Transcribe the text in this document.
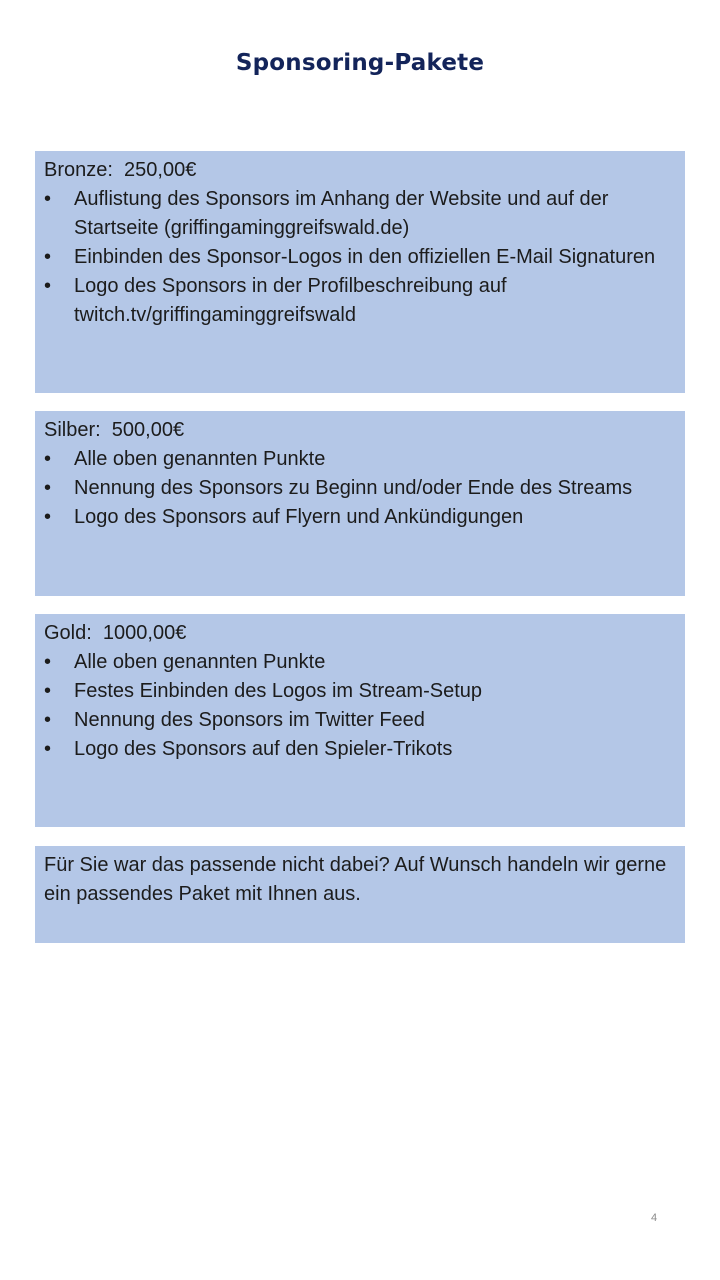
Sponsoring-Pakete
Bronze:  250,00€
•	Auflistung des Sponsors im Anhang der Website und auf der Startseite (griffingaminggreifswald.de)
•	Einbinden des Sponsor-Logos in den offiziellen E-Mail Signaturen
•	Logo des Sponsors in der Profilbeschreibung auf twitch.tv/griffingaminggreifswald
Silber:  500,00€
•	Alle oben genannten Punkte
•	Nennung des Sponsors zu Beginn und/oder Ende des Streams
•	Logo des Sponsors auf Flyern und Ankündigungen
Gold:  1000,00€
•	Alle oben genannten Punkte
•	Festes Einbinden des Logos im Stream-Setup
•	Nennung des Sponsors im Twitter Feed
•	Logo des Sponsors auf den Spieler-Trikots
Für Sie war das passende nicht dabei? Auf Wunsch handeln wir gerne ein passendes Paket mit Ihnen aus.
4
